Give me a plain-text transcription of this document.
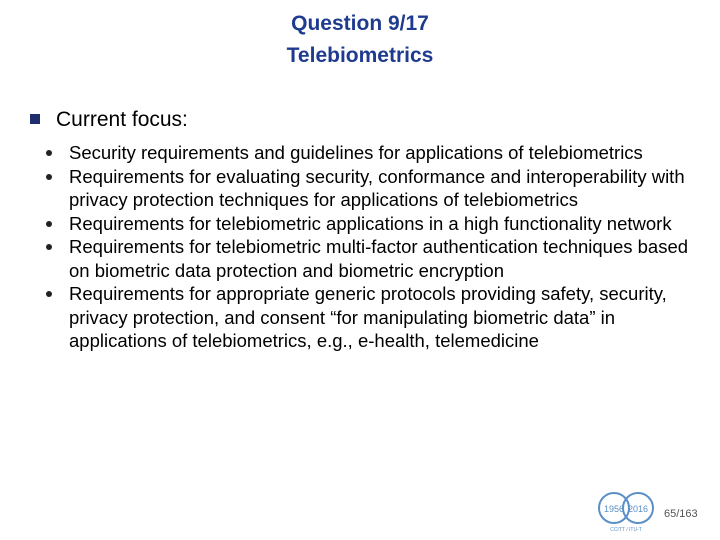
Question 9/17
Telebiometrics
Current focus:
Security requirements and guidelines for applications of telebiometrics
Requirements for evaluating security, conformance and interoperability with privacy protection techniques for applications of telebiometrics
Requirements for telebiometric applications in a high functionality network
Requirements for telebiometric multi-factor authentication techniques based on biometric data protection and biometric encryption
Requirements for appropriate generic protocols providing safety, security, privacy protection, and consent “for manipulating biometric data” in applications of telebiometrics, e.g., e-health, telemedicine
1956 2016
CCITT / ITU-T
65/163
